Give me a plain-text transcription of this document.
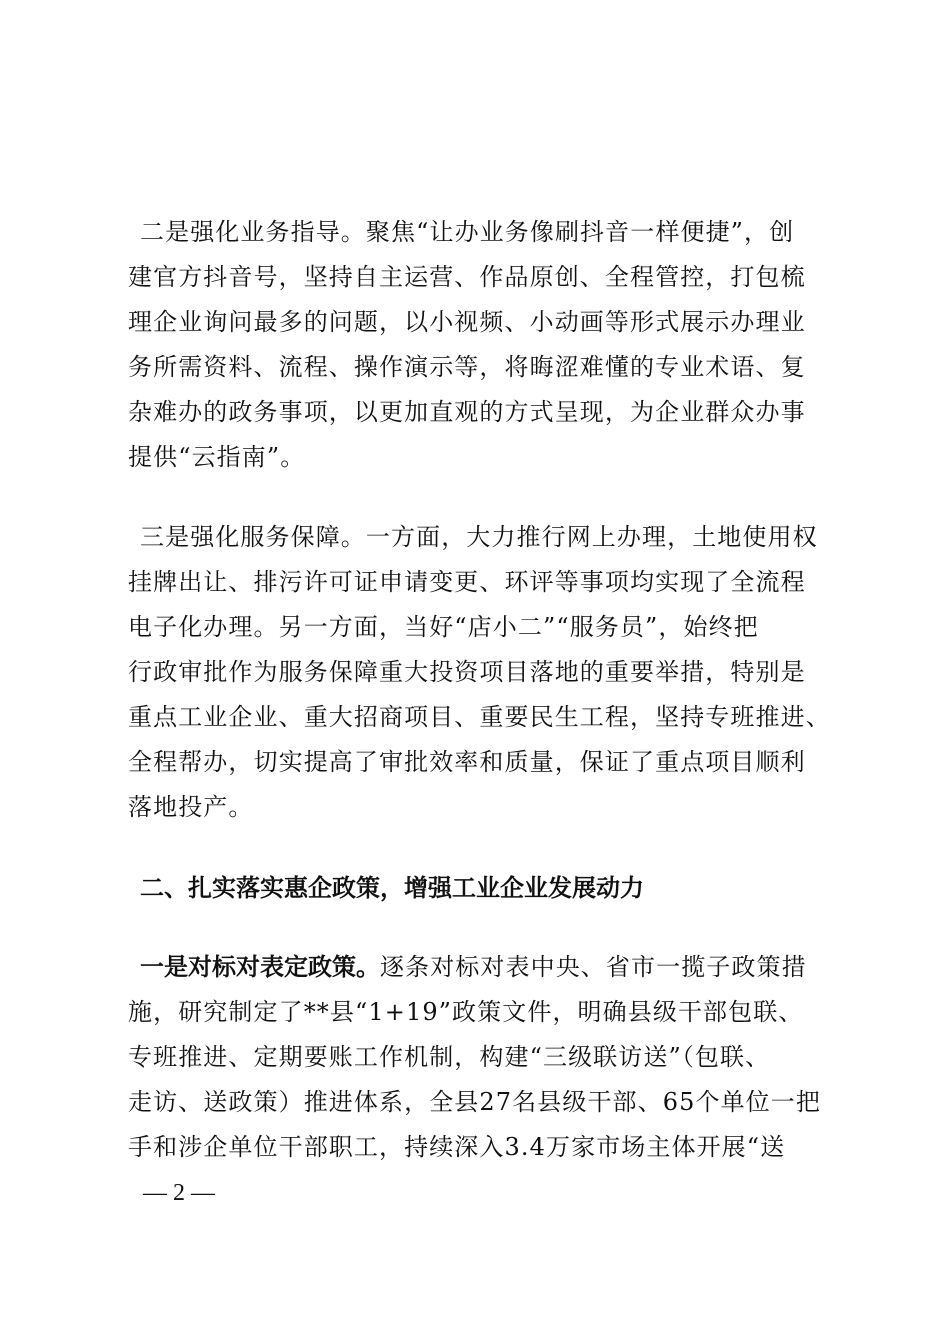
二是强化业务指导。聚焦“让办业务像刷抖音一样便捷”，创
建官方抖音号，坚持自主运营、作品原创、全程管控，打包梳
理企业询问最多的问题，以小视频、小动画等形式展示办理业
务所需资料、流程、操作演示等，将晦涩难懂的专业术语、复
杂难办的政务事项，以更加直观的方式呈现，为企业群众办事
提供“云指南”。
三是强化服务保障。一方面，大力推行网上办理，土地使用权
挂牌出让、排污许可证申请变更、环评等事项均实现了全流程
电子化办理。另一方面，当好“店小二”“服务员”，始终把
行政审批作为服务保障重大投资项目落地的重要举措，特别是
重点工业企业、重大招商项目、重要民生工程，坚持专班推进、
全程帮办，切实提高了审批效率和质量，保证了重点项目顺利
落地投产。
二、扎实落实惠企政策，增强工业企业发展动力
一是对标对表定政策。逐条对标对表中央、省市一揽子政策措
施，研究制定了**县“1+19”政策文件，明确县级干部包联、
专班推进、定期要账工作机制，构建“三级联访送”（包联、
走访、送政策）推进体系，全县27名县级干部、65个单位一把
手和涉企单位干部职工，持续深入3.4万家市场主体开展“送
— 2 —
